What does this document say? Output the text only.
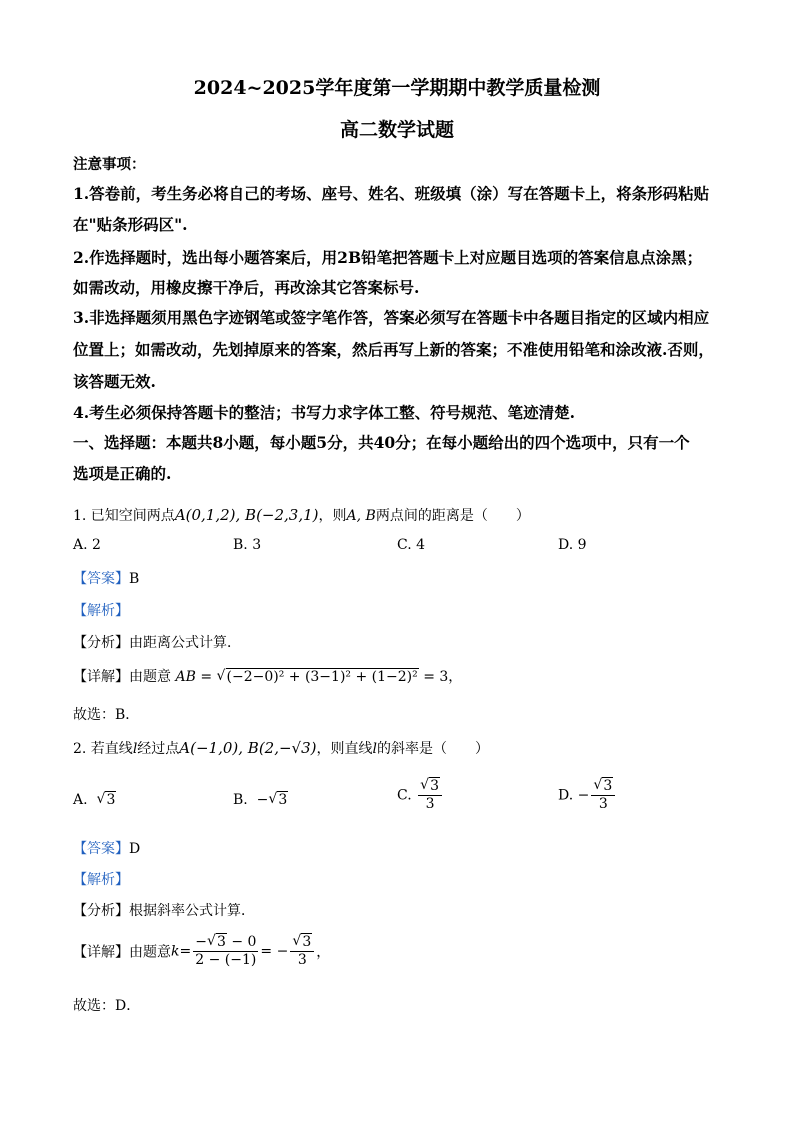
2024~2025学年度第一学期期中教学质量检测
高二数学试题
注意事项：
1.答卷前，考生务必将自己的考场、座号、姓名、班级填（涂）写在答题卡上，将条形码粘贴
在"贴条形码区".
2.作选择题时，选出每小题答案后，用2B铅笔把答题卡上对应题目选项的答案信息点涂黑；
如需改动，用橡皮擦干净后，再改涂其它答案标号.
3.非选择题须用黑色字迹钢笔或签字笔作答，答案必须写在答题卡中各题目指定的区域内相应
位置上；如需改动，先划掉原来的答案，然后再写上新的答案；不准使用铅笔和涂改液.否则，
该答题无效.
4.考生必须保持答题卡的整洁；书写力求字体工整、符号规范、笔迹清楚.
一、选择题：本题共8小题，每小题5分，共40分；在每小题给出的四个选项中，只有一个
选项是正确的.
1. 已知空间两点A(0,1,2), B(−2,3,1)，则A, B两点间的距离是（　　）
A. 2	B. 3	C. 4	D. 9
【答案】B
【解析】
【分析】由距离公式计算．
【详解】由题意 AB = √ (−2−0)² + (3−1)² + (1−2)² = 3，
故选：B．
2. 若直线l经过点A(−1,0), B(2,−√3)，则直线l的斜率是（　　）
A. √ 3	B. − √ 3	C. √ $\frac{3}{3}$	D. − √ $\frac{3}{3}$
【答案】D
【解析】
【分析】根据斜率公式计算．
【详解】由题意$k= \frac{- √ 3 - 0}{2 - (-1)}$ = − √ $\frac{3}{3}$ ，
故选：D．
